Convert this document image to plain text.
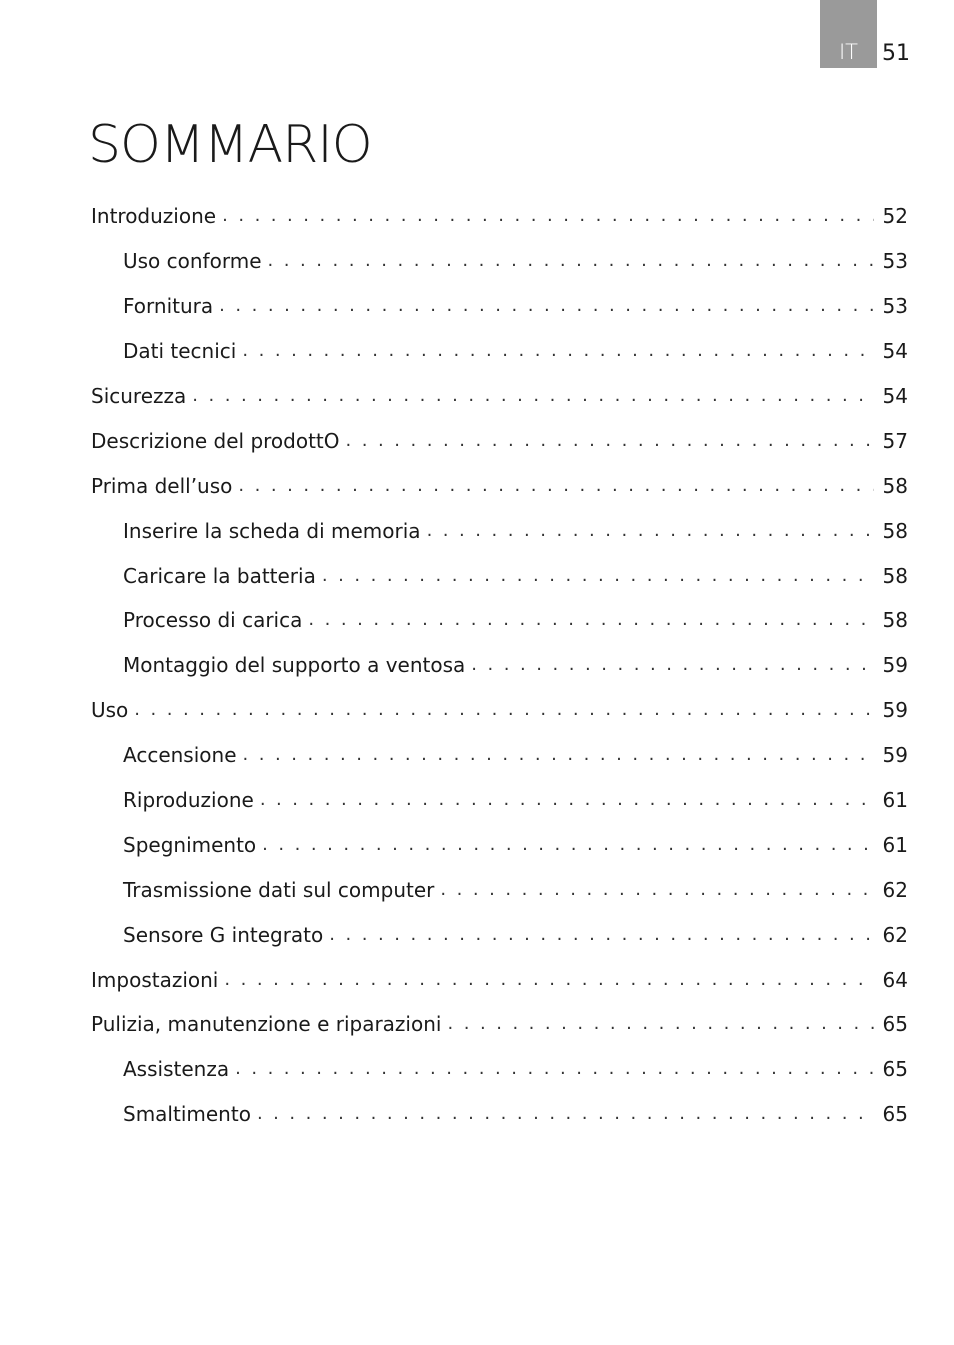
IT	51
SOMMARIO
Introduzione . . .	52
Uso conforme . . .	53
Fornitura . . .	53
Dati tecnici . . .	54
Sicurezza . . .	54
Descrizione del prodottO . . .	57
Prima dell’uso . . .	58
Inserire la scheda di memoria . . .	58
Caricare la batteria . . .	58
Processo di carica . . .	58
Montaggio del supporto a ventosa . . .	59
Uso . . .	59
Accensione . . .	59
Riproduzione . . .	61
Spegnimento . . .	61
Trasmissione dati sul computer . . .	62
Sensore G integrato . . .	62
Impostazioni . . .	64
Pulizia, manutenzione e riparazioni . . .	65
Assistenza . . .	65
Smaltimento . . .	65
